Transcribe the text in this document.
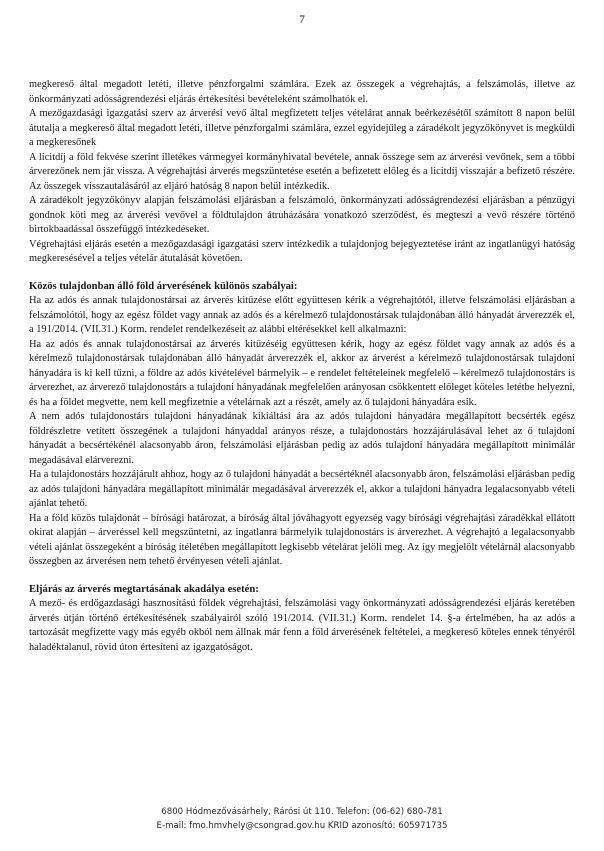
7

megkereső által megadott letéti, illetve pénzforgalmi számlára. Ezek az összegek a végrehajtás, a felszámolás, illetve az önkormányzati adósságrendezési eljárás értékesítési bevételeként számolhatók el.

A mezőgazdasági igazgatási szerv az árverési vevő által megfizetett teljes vételárat annak beérkezésétől számított 8 napon belül átutalja a megkereső által megadott letéti, illetve pénzforgalmi számlára, ezzel egyidejűleg a záradékolt jegyzőkönyvet is megküldi a megkeresőnek

A licitdíj a föld fekvése szerint illetékes vármegyei kormányhivatal bevétele, annak összege sem az árverési vevőnek, sem a többi árverezőnek nem jár vissza. A végrehajtási árverés megszüntetése esetén a befizetett előleg és a licitdíj visszajár a befizető részére. Az összegek visszautalásáról az eljáró hatóság 8 napon belül intézkedik.

A záradékolt jegyzőkönyv alapján felszámolási eljárásban a felszámoló, önkormányzati adósságrendezési eljárásban a pénzügyi gondnok köti meg az árverési vevővel a földtulajdon átruházására vonatkozó szerződést, és megteszi a vevő részére történő birtokbaadással összefüggő intézkedéseket.

Végrehajtási eljárás esetén a mezőgazdasági igazgatási szerv intézkedik a tulajdonjog bejegyeztetése iránt az ingatlanügyi hatóság megkeresésével a teljes vételár átutalását követően.

Közös tulajdonban álló föld árverésének különös szabályai:

Ha az adós és annak tulajdonostársai az árverés kitűzése előtt együttesen kérik a végrehajtótól, illetve felszámolási eljárásban a felszámolótól, hogy az egész földet vagy annak az adós és a kérelmező tulajdonostársak tulajdonában álló hányadát árverezzék el, a 191/2014. (VII.31.) Korm. rendelet rendelkezéseit az alábbi eltérésekkel kell alkalmazni:

Ha az adós és annak tulajdonostársai az árverés kitűzéséig együttesen kérik, hogy az egész földet vagy annak az adós és a kérelmező tulajdonostársak tulajdonában álló hányadát árverezzék el, akkor az árverést a kérelmező tulajdonostársak tulajdoni hányadára is ki kell tűzni, a földre az adós kivételével bármelyik – e rendelet feltételeinek megfelelő – kérelmező tulajdonostárs is árverezhet, az árverező tulajdonostárs a tulajdoni hányadának megfelelően arányosan csökkentett előleget köteles letétbe helyezni, és ha a földet megvette, nem kell megfizetnie a vételárnak azt a részét, amely az ő tulajdoni hányadára esik.

A nem adós tulajdonostárs tulajdoni hányadának kikiáltási ára az adós tulajdoni hányadára megállapított becsérték egész földrészletre vetített összegének a tulajdoni hányaddal arányos része, a tulajdonostárs hozzájárulásával lehet az ő tulajdoni hányadát a becsértékénél alacsonyabb áron, felszámolási eljárásban pedig az adós tulajdoni hányadára megállapított minimálár megadásával elárverezni.

Ha a tulajdonostárs hozzájárult ahhoz, hogy az ő tulajdoni hányadát a becsértéknél alacsonyabb áron, felszámolási eljárásban pedig az adós tulajdoni hányadára megállapított minimálár megadásával árverezzék el, akkor a tulajdoni hányadra legalacsonyabb vételi ajánlat tehető.

Ha a föld közös tulajdonát – bírósági határozat, a bíróság által jóváhagyott egyezség vagy bírósági végrehajtási záradékkal ellátott okirat alapján – árveréssel kell megszüntetni, az ingatlanra bármelyik tulajdonostárs is árverezhet. A végrehajtó a legalacsonyabb vételi ajánlat összegeként a bíróság ítéletében megállapított legkisebb vételárat jelöli meg. Az így megjelölt vételárnál alacsonyabb összegben az árverésen nem tehető érvényesen vételi ajánlat.

Eljárás az árverés megtartásának akadálya esetén:

A mező- és erdőgazdasági hasznosítású földek végrehajtási, felszámolási vagy önkormányzati adósságrendezési eljárás keretében árverés útján történő értékesítésének szabályairól szóló 191/2014. (VII.31.) Korm. rendelet 14. §-a értelmében, ha az adós a tartozását megfizette vagy más egyéb okból nem állnak már fenn a föld árverésének feltételei, a megkereső köteles ennek tényéről haladéktalanul, rövid úton értesíteni az igazgatóságot.

6800 Hódmezővásárhely, Rárósi út 110. Telefon: (06-62) 680-781
E-mail: fmo.hmvhely@csongrad.gov.hu KRID azonosító: 605971735
